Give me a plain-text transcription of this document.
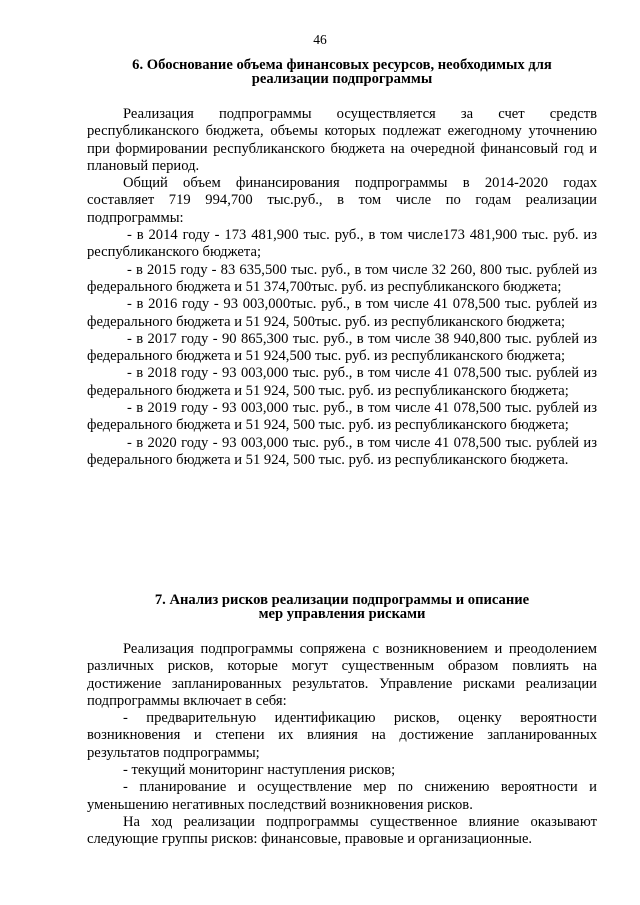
46
6. Обоснование объема финансовых ресурсов, необходимых для
реализации подпрограммы

Реализация подпрограммы осуществляется за счет средств республиканского бюджета, объемы которых подлежат ежегодному уточнению при формировании республиканского бюджета на очередной финансовый год и плановый период.

Общий объем финансирования подпрограммы в 2014-2020 годах составляет 719 994,700 тыс.руб., в том числе по годам реализации подпрограммы:

- в 2014 году - 173 481,900 тыс. руб., в том числе173 481,900 тыс. руб. из республиканского бюджета;

- в 2015 году - 83 635,500 тыс. руб., в том числе 32 260, 800 тыс. рублей из федерального бюджета и 51 374,700тыс. руб. из республиканского бюджета;

- в 2016 году - 93 003,000тыс. руб., в том числе 41 078,500 тыс. рублей из федерального бюджета и 51 924, 500тыс. руб. из республиканского бюджета;

- в 2017 году - 90 865,300 тыс. руб., в том числе 38 940,800 тыс. рублей из федерального бюджета и 51 924,500 тыс. руб. из республиканского бюджета;

- в 2018 году - 93 003,000 тыс. руб., в том числе 41 078,500 тыс. рублей из федерального бюджета и 51 924, 500 тыс. руб. из республиканского бюджета;

- в 2019 году - 93 003,000 тыс. руб., в том числе 41 078,500 тыс. рублей из федерального бюджета и 51 924, 500 тыс. руб. из республиканского бюджета;

- в 2020 году - 93 003,000 тыс. руб., в том числе 41 078,500 тыс. рублей из федерального бюджета и 51 924, 500 тыс. руб. из республиканского бюджета.

7. Анализ рисков реализации подпрограммы и описание
мер управления рисками

Реализация подпрограммы сопряжена с возникновением и преодолением различных рисков, которые могут существенным образом повлиять на достижение запланированных результатов. Управление рисками реализации подпрограммы включает в себя:

- предварительную идентификацию рисков, оценку вероятности возникновения и степени их влияния на достижение запланированных результатов подпрограммы;

- текущий мониторинг наступления рисков;

- планирование и осуществление мер по снижению вероятности и уменьшению негативных последствий возникновения рисков.

На ход реализации подпрограммы существенное влияние оказывают следующие группы рисков: финансовые, правовые и организационные.
